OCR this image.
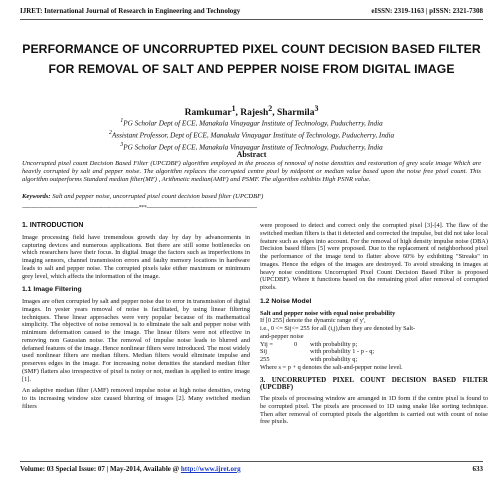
IJRET: International Journal of Research in Engineering and Technology	eISSN: 2319-1163 | pISSN: 2321-7308
PERFORMANCE OF UNCORRUPTED PIXEL COUNT DECISION BASED FILTER FOR REMOVAL OF SALT AND PEPPER NOISE FROM DIGITAL IMAGE
Ramkumar$^1$, Rajesh$^2$, Sharmila$^3$
$^1$PG Scholar Dept of ECE, Manakula Vinayagar Institute of Technology, Puducherry, India
$^2$Assistant Professor, Dept of ECE, Manakula Vinayagar Institute of Technology, Puducherry, India
$^3$PG Scholar Dept of ECE, Manakula Vinayagar Institute of Technology, Puducherry, India
Abstract
Uncorrupted pixel count Decision Based Filter (UPCDBF) algorithm employed in the process of removal of noise densities and restoration of grey scale image Which are heavily corrupted by salt and pepper noise. The algorithm replaces the corrupted centre pixel by midpoint or median value based upon the noise free pixel count. This algorithm outperforms Standard median filter(MF) , Arithmetic median(AMF) and PSMF. The algorithm exhibits High PSNR value.
Keywords: Salt and pepper noise, uncorrupted pixel count decision based filter (UPCDBF)
-------------------------------------------------------------------------***---------------------------------------------------------------------
1. INTRODUCTION

Image processing field have tremendous growth day by day by advancements in capturing devices and numerous applications. But there are still some bottlenecks on which researchers have their focus. In digital image the factors such as imperfections in imaging sensors, channel transmission errors and faulty memory locations in hardware leads to salt and pepper noise. The corrupted pixels take either maximum or minimum grey level, which affects the information of the image.

1.1 Image Filtering

Images are often corrupted by salt and pepper noise due to error in transmission of digital images. In yester years removal of noise is facilitated, by using linear filtering techniques. These linear approaches were very popular because of its mathematical simplicity. The objective of noise removal is to eliminate the salt and pepper noise with minimum deformation caused to the image. The linear filters were not effective in removing non Gaussian noise. The removal of impulse noise leads to blurred and defamed features of the image. Hence nonlinear filters were introduced. The most widely used nonlinear filters are median filters. Median filters would eliminate impulse and preserves edges in the image. For increasing noise densities the standard median filter (SMF) flatters also irrespective of pixel is noisy or not, median is applied to entire image [1].

An adaptive median filter (AMF) removed impulse noise at high noise densities, owing to its increasing window size caused blurring of images [2]. Many switched median filters

were proposed to detect and correct only the corrupted pixel [3]-[4]. The flaw of the switched median filters is that it detected and corrected the impulse, but did not take local feature such as edges into account. For the removal of high density impulse noise (DBA) Decision based filters [5] were proposed. Due to the replacement of neighborhood pixel the performance of the image tend to flatter above 60% by exhibiting "Streaks" in images. Hence the edges of the images are destroyed. To avoid streaking in images at heavy noise conditions Uncorrupted Pixel Count Decision Based Filter is proposed (UPCDBF). Where it functions based on the remaining pixel after removal of corrupted pixels.

1.2 Noise Model
Salt and pepper noise with equal noise probability
If [0 255] denote the dynamic range of y',
i.e., 0 <= Sij<= 255 for all (i,j),then they are denoted by Salt-
and-pepper noise
Yij =	0 with probability p;
Sij	with probability 1 - p - q;
255	with probability q;
Where s = p + q denotes the salt-and-pepper noise level.
3. UNCORRUPTED PIXEL COUNT DECISION BASED FILTER (UPCDBF)

The pixels of processing window are arranged in 1D form if the centre pixel is found to be corrupted pixel. The pixels are processed to 1D using snake like sorting technique. Then after removal of corrupted pixels the algorithm is carried out with count of noise free pixels.

Volume: 03 Special Issue: 07 | May-2014, Available @ http://www.ijret.org	633
